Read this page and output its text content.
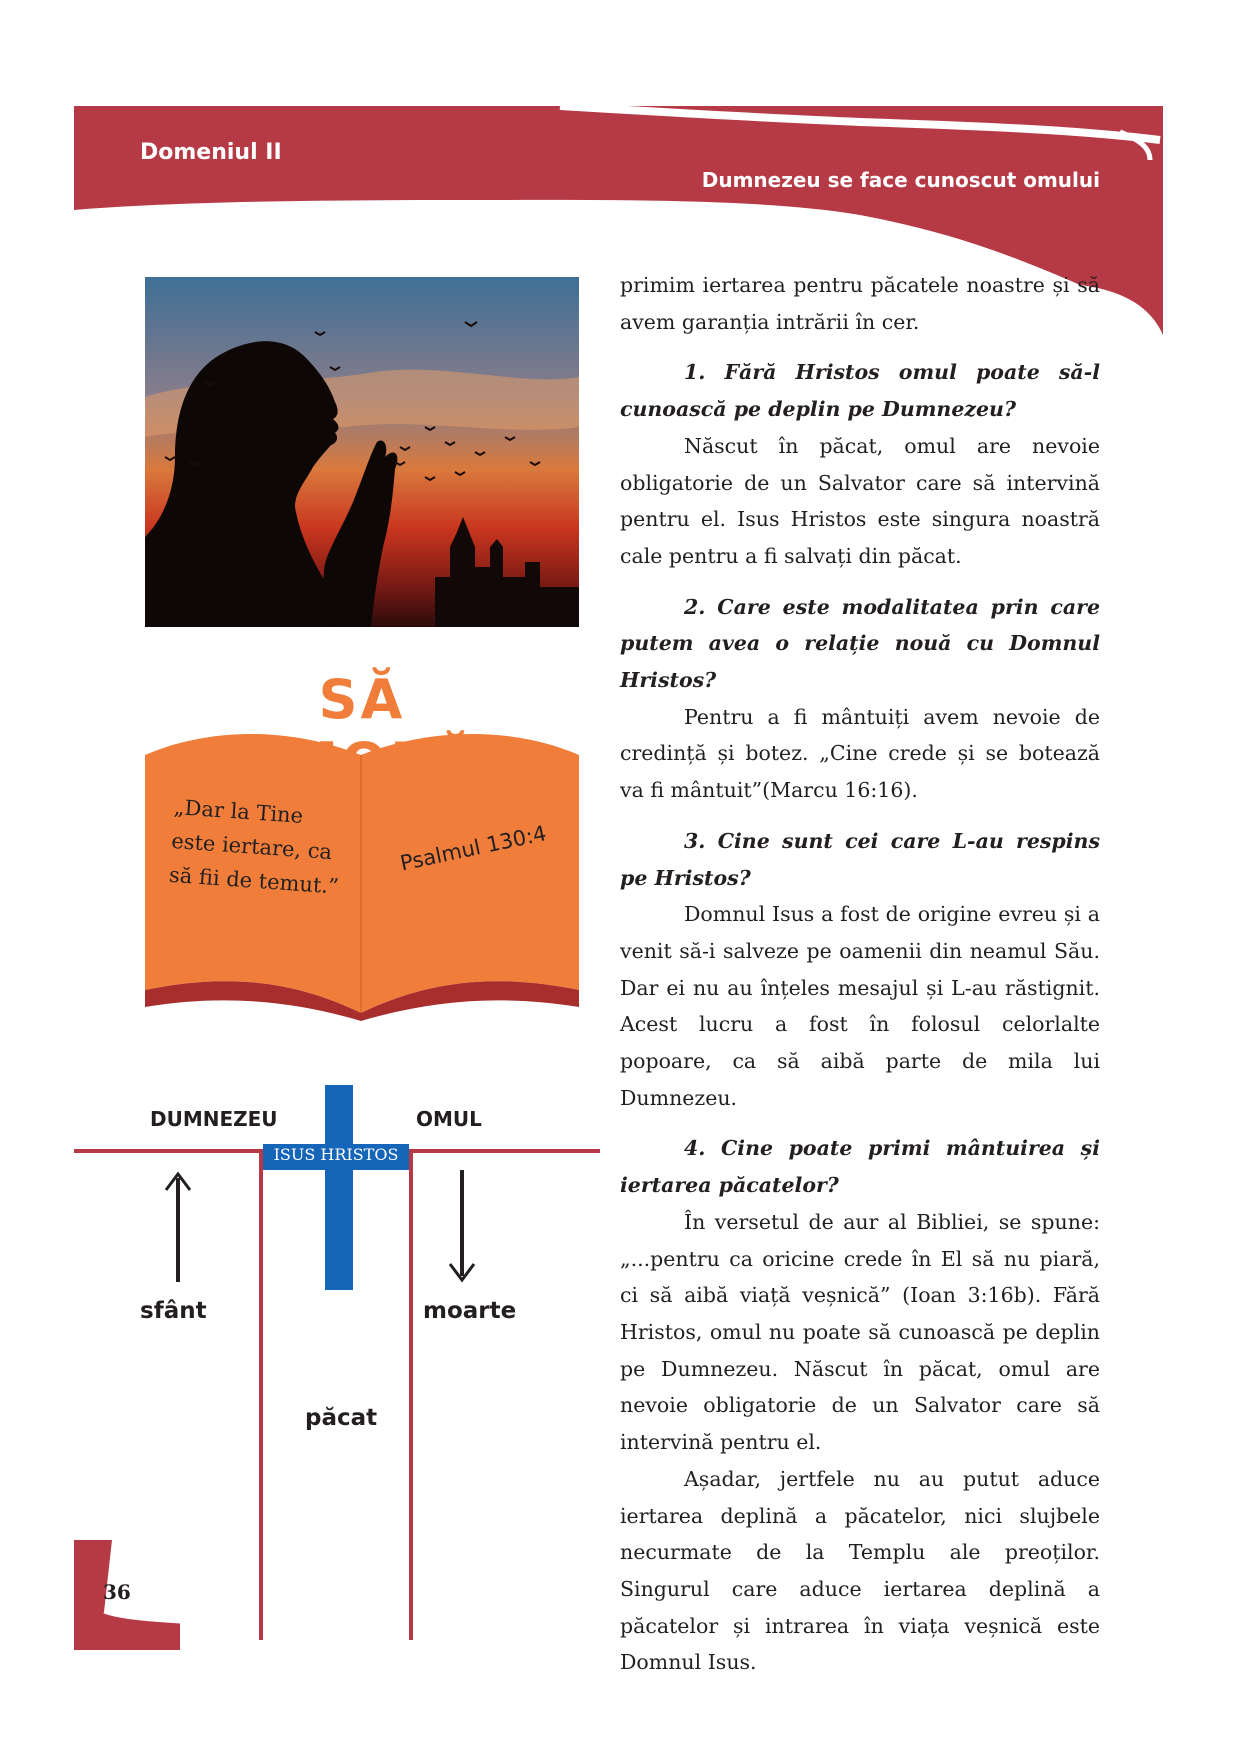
Domeniul II
Dumnezeu se face cunoscut omului
SĂ
„Dar la Tine este iertare, ca să fii de temut.”
Psalmul 130:4
DUMNEZEU	OMUL
ISUS HRISTOS
sfânt	moarte
păcat

primim iertarea pentru păcatele noastre și să avem garanția intrării în cer.

1. Fără Hristos omul poate să-l cunoască pe deplin pe Dumnezeu?

Născut în păcat, omul are nevoie obligatorie de un Salvator care să intervină pentru el. Isus Hristos este singura noastră cale pentru a fi salvați din păcat.

2. Care este modalitatea prin care putem avea o relație nouă cu Domnul Hristos?

Pentru a fi mântuiți avem nevoie de credință și botez. „Cine crede și se botează va fi mântuit”(Marcu 16:16).

3. Cine sunt cei care L-au respins pe Hristos?

Domnul Isus a fost de origine evreu și a venit să-i salveze pe oamenii din neamul Său. Dar ei nu au înțeles mesajul și L-au răstignit. Acest lucru a fost în folosul celorlalte popoare, ca să aibă parte de mila lui Dumnezeu.

4. Cine poate primi mântuirea și iertarea păcatelor?

În versetul de aur al Bibliei, se spune: „...pentru ca oricine crede în El să nu piară, ci să aibă viață veșnică” (Ioan 3:16b). Fără Hristos, omul nu poate să cunoască pe deplin pe Dumnezeu. Născut în păcat, omul are nevoie obligatorie de un Salvator care să intervină pentru el.

Așadar, jertfele nu au putut aduce iertarea deplină a păcatelor, nici slujbele necurmate de la Templu ale preoților. Singurul care aduce iertarea deplină a păcatelor și intrarea în viața veșnică este Domnul Isus.

36
